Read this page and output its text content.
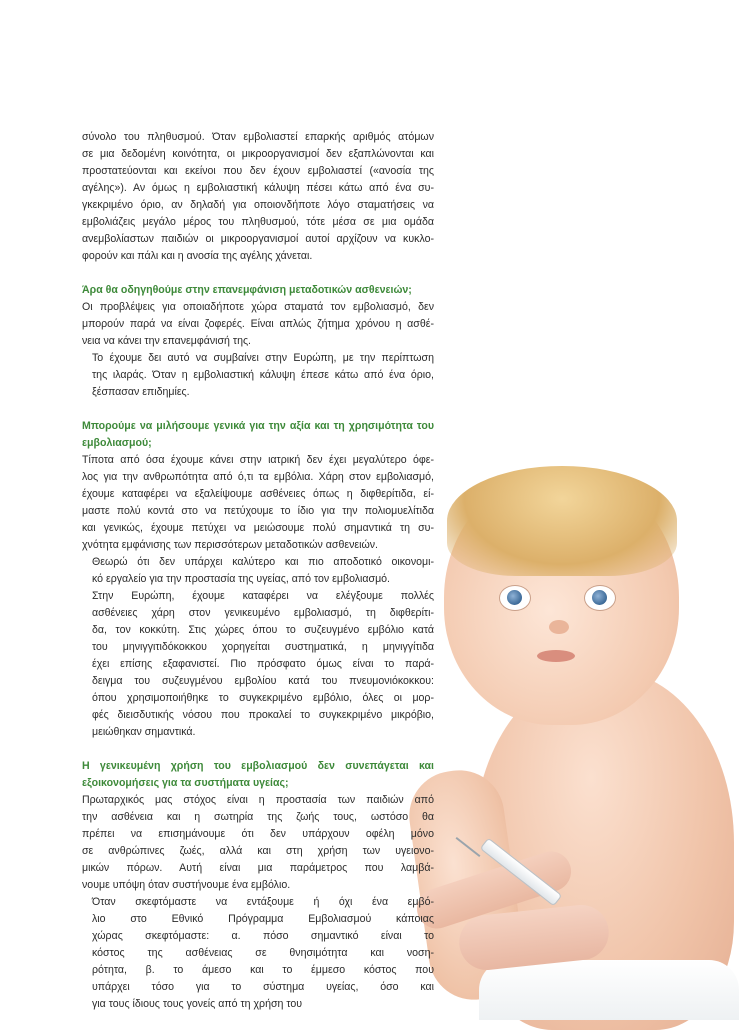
σύνολο του πληθυσμού. Όταν εμβολιαστεί επαρκής αριθμός ατόμων
σε μια δεδομένη κοινότητα, οι μικροοργανισμοί δεν εξαπλώνονται και
προστατεύονται και εκείνοι που δεν έχουν εμβολιαστεί («ανοσία της
αγέλης»). Αν όμως η εμβολιαστική κάλυψη πέσει κάτω από ένα συ-
γκεκριμένο όριο, αν δηλαδή για οποιονδήποτε λόγο σταματήσεις να
εμβολιάζεις μεγάλο μέρος του πληθυσμού, τότε μέσα σε μια ομάδα
ανεμβολίαστων παιδιών οι μικροοργανισμοί αυτοί αρχίζουν να κυκλο-
φορούν και πάλι και η ανοσία της αγέλης χάνεται.

Άρα θα οδηγηθούμε στην επανεμφάνιση μεταδοτικών ασθενειών;

Οι προβλέψεις για οποιαδήποτε χώρα σταματά τον εμβολιασμό, δεν
μπορούν παρά να είναι ζοφερές. Είναι απλώς ζήτημα χρόνου η ασθέ-
νεια να κάνει την επανεμφάνισή της.

Το έχουμε δει αυτό να συμβαίνει στην Ευρώπη, με την περίπτωση
της ιλαράς. Όταν η εμβολιαστική κάλυψη έπεσε κάτω από ένα όριο,
ξέσπασαν επιδημίες.

Μπορούμε να μιλήσουμε γενικά για την αξία και τη χρησιμότητα του
εμβολιασμού;

Τίποτα από όσα έχουμε κάνει στην ιατρική δεν έχει μεγαλύτερο όφε-
λος για την ανθρωπότητα από ό,τι τα εμβόλια. Χάρη στον εμβολιασμό,
έχουμε καταφέρει να εξαλείψουμε ασθένειες όπως η διφθερίτιδα, εί-
μαστε πολύ κοντά στο να πετύχουμε το ίδιο για την πολιομυελίτιδα
και γενικώς, έχουμε πετύχει να μειώσουμε πολύ σημαντικά τη συ-
χνότητα εμφάνισης των περισσότερων μεταδοτικών ασθενειών.

Θεωρώ ότι δεν υπάρχει καλύτερο και πιο αποδοτικό οικονομι-
κό εργαλείο για την προστασία της υγείας, από τον εμβολιασμό.

Στην Ευρώπη, έχουμε καταφέρει να ελέγξουμε πολλές
ασθένειες χάρη στον γενικευμένο εμβολιασμό, τη διφθερίτι-
δα, τον κοκκύτη. Στις χώρες όπου το συζευγμένο εμβόλιο κατά
του μηνιγγιτιδόκοκκου χορηγείται συστηματικά, η μηνιγγίτιδα
έχει επίσης εξαφανιστεί. Πιο πρόσφατο όμως είναι το παρά-
δειγμα του συζευγμένου εμβολίου κατά του πνευμονιόκοκκου:
όπου χρησιμοποιήθηκε το συγκεκριμένο εμβόλιο, όλες οι μορ-
φές διεισδυτικής νόσου που προκαλεί το συγκεκριμένο μικρόβιο,
μειώθηκαν σημαντικά.

Η γενικευμένη χρήση του εμβολιασμού δεν συνεπάγεται και
εξοικονομήσεις για τα συστήματα υγείας;

Πρωταρχικός μας στόχος είναι η προστασία των παιδιών από
την ασθένεια και η σωτηρία της ζωής τους, ωστόσο θα
πρέπει να επισημάνουμε ότι δεν υπάρχουν οφέλη μόνο
σε ανθρώπινες ζωές, αλλά και στη χρήση των υγειονο-
μικών πόρων. Αυτή είναι μια παράμετρος που λαμβά-
νουμε υπόψη όταν συστήνουμε ένα εμβόλιο.

Όταν σκεφτόμαστε να εντάξουμε ή όχι ένα εμβό-
λιο στο Εθνικό Πρόγραμμα Εμβολιασμού κάποιας
χώρας σκεφτόμαστε: α. πόσο σημαντικό είναι το
κόστος της ασθένειας σε θνησιμότητα και νοση-
ρότητα, β. το άμεσο και το έμμεσο κόστος που
υπάρχει τόσο για το σύστημα υγείας, όσο και
για τους ίδιους τους γονείς από τη χρήση του
